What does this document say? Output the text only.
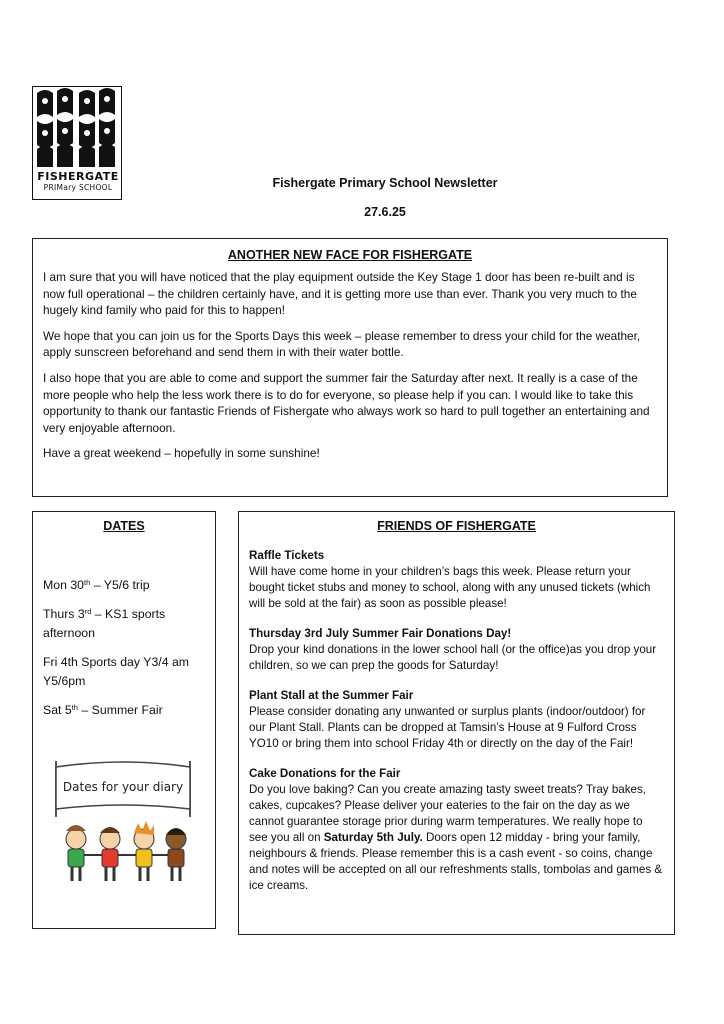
FISHERGATE
PRIMary SCHOOL	Fishergate Primary School Newsletter
27.6.25
ANOTHER NEW FACE FOR FISHERGATE

I am sure that you will have noticed that the play equipment outside the Key Stage 1 door has been re-built and is now full operational – the children certainly have, and it is getting more use than ever. Thank you very much to the hugely kind family who paid for this to happen!

We hope that you can join us for the Sports Days this week – please remember to dress your child for the weather, apply sunscreen beforehand and send them in with their water bottle.

I also hope that you are able to come and support the summer fair the Saturday after next. It really is a case of the more people who help the less work there is to do for everyone, so please help if you can. I would like to take this opportunity to thank our fantastic Friends of Fishergate who always work so hard to pull together an entertaining and very enjoyable afternoon.

Have a great weekend – hopefully in some sunshine!

DATES
Mon 30th – Y5/6 trip
Thurs 3rd – KS1 sports afternoon
Fri 4th Sports day Y3/4 am Y5/6pm
Sat 5th – Summer Fair
Dates for your diary
FRIENDS OF FISHERGATE
Raffle Tickets
Will have come home in your children’s bags this week. Please return your bought ticket stubs and money to school, along with any unused tickets (which will be sold at the fair) as soon as possible please!
Thursday 3rd July Summer Fair Donations Day!
Drop your kind donations in the lower school hall (or the office)as you drop your children, so we can prep the goods for Saturday!
Plant Stall at the Summer Fair
Please consider donating any unwanted or surplus plants (indoor/outdoor) for our Plant Stall. Plants can be dropped at Tamsin’s House at 9 Fulford Cross YO10 or bring them into school Friday 4th or directly on the day of the Fair!
Cake Donations for the Fair
Do you love baking? Can you create amazing tasty sweet treats? Tray bakes, cakes, cupcakes? Please deliver your eateries to the fair on the day as we cannot guarantee storage prior during warm temperatures. We really hope to see you all on Saturday 5th July. Doors open 12 midday - bring your family, neighbours & friends. Please remember this is a cash event - so coins, change and notes will be accepted on all our refreshments stalls, tombolas and games & ice creams.
